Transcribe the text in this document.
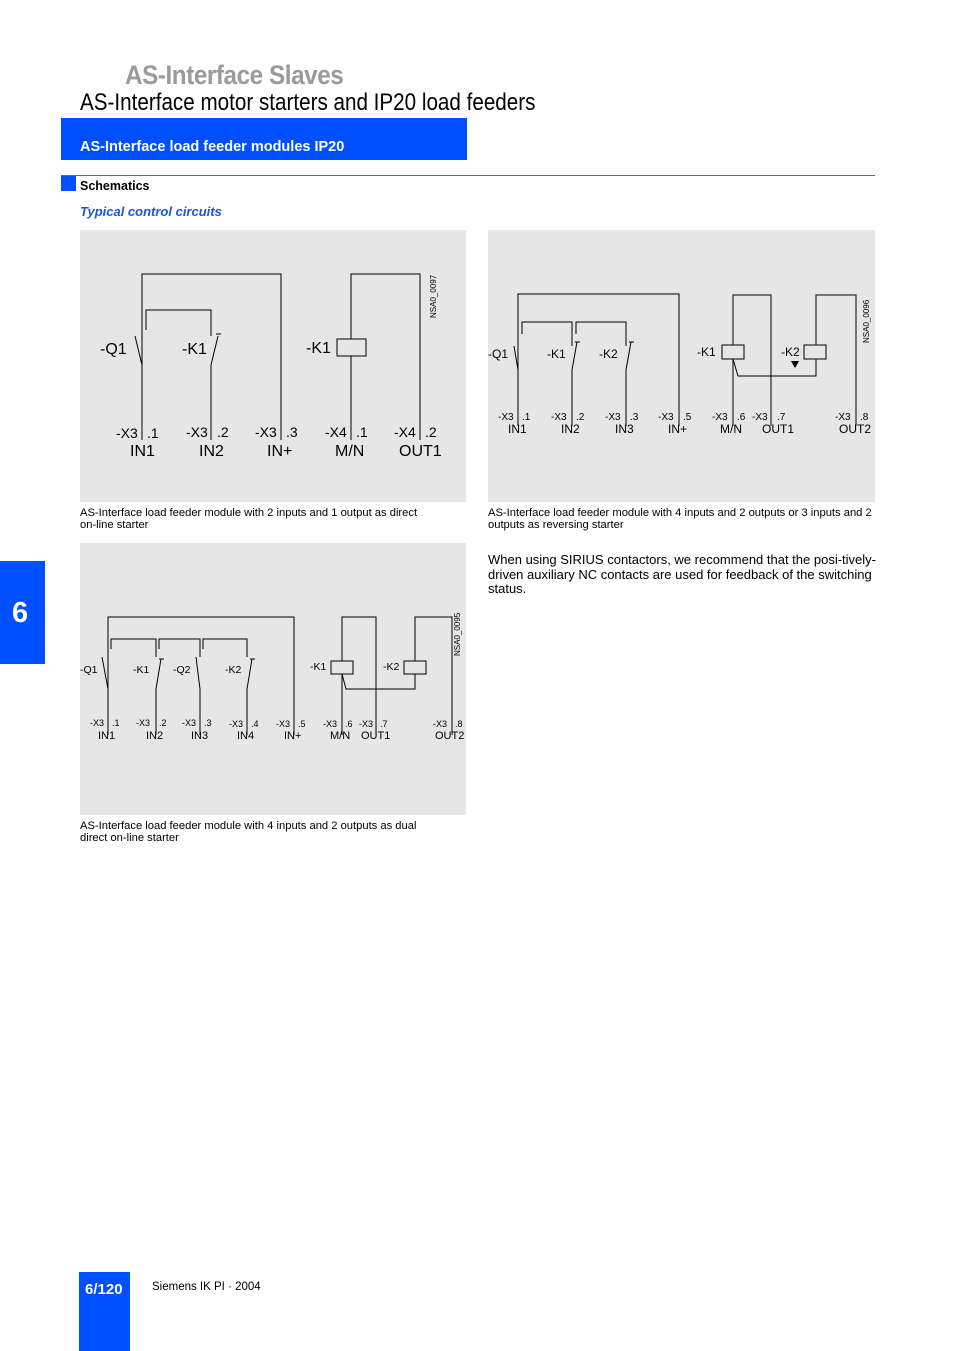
AS-Interface Slaves
AS-Interface motor starters and IP20 load feeders
AS-Interface load feeder modules IP20
Schematics
Typical control circuits
-Q1	-K1	-K1
-X3 .1 -X3 .2 -X3 .3 -X4 .1 -X4 .2
IN1	IN2	IN+	M/N OUT1
NSA0_0097
AS-Interface load feeder module with 2 inputs and 1 output as direct on-line starter
-Q1	-K1	-K2	-K1	-K2
-X3 .1 -X3 .2 -X3 .3 -X3 .5 -X3 .6 -X3 .7	-X3 .8
IN1	IN2	IN3	IN+	M/N OUT1	OUT2
NSA0_0096
AS-Interface load feeder module with 4 inputs and 2 outputs or 3 inputs and 2 outputs as reversing starter
-Q1	-K1 -Q2	-K2	-K1	-K2
-X3 .1 -X3 .2 -X3 .3 -X3 .4 -X3 .5 -X3 .6 -X3 .7	-X3 .8
IN1	IN2	IN3	IN4	IN+	M/N OUT1	OUT2
NSA0_0095
AS-Interface load feeder module with 4 inputs and 2 outputs as dual direct on-line starter
When using SIRIUS contactors, we recommend that the posi-tively-driven auxiliary NC contacts are used for feedback of the switching status.
6
6/120	Siemens IK PI · 2004
